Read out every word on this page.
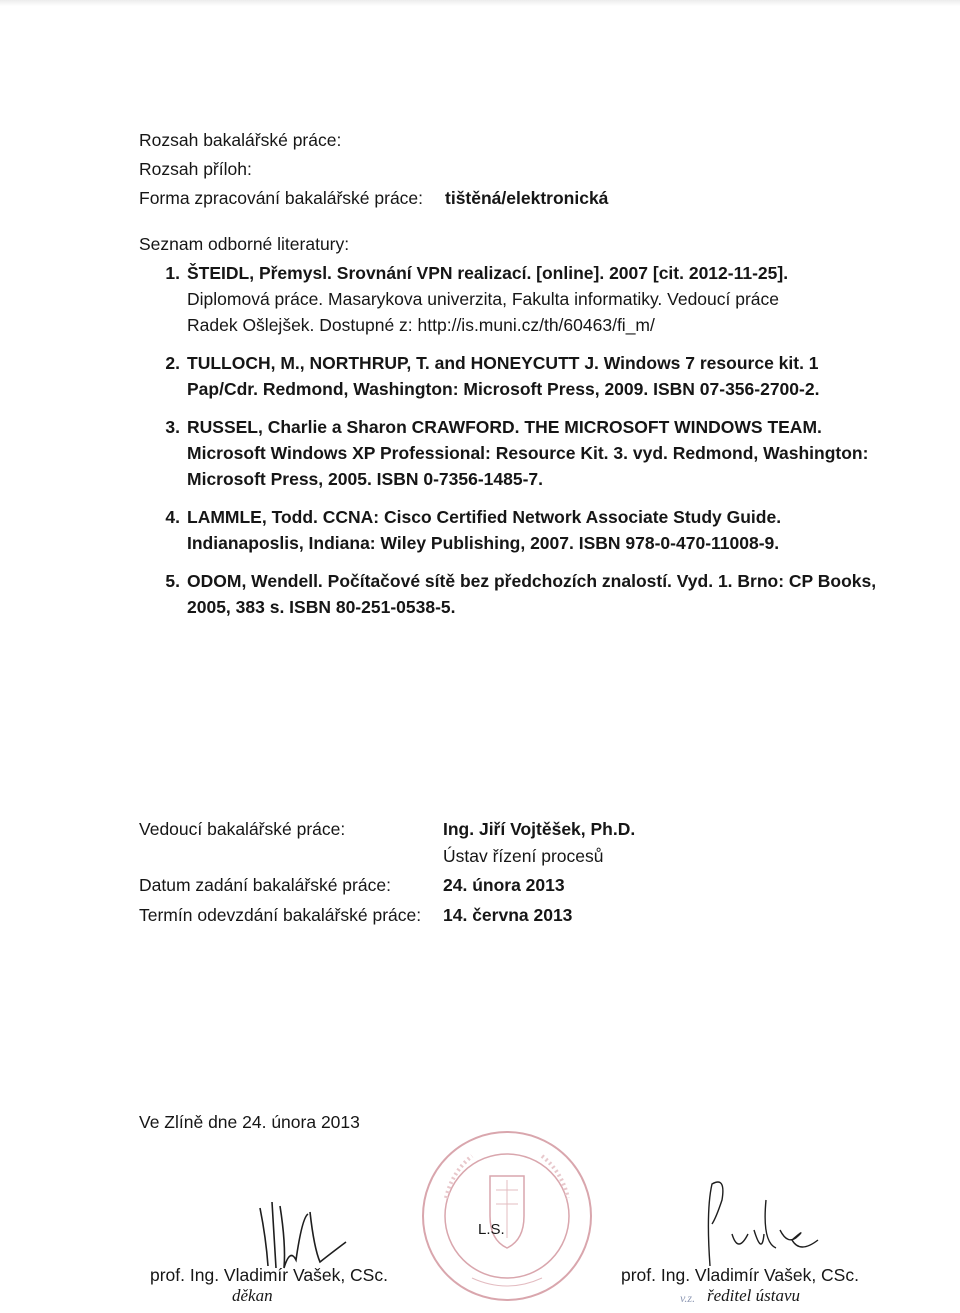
Rozsah bakalářské práce:
Rozsah příloh:
Forma zpracování bakalářské práce: tištěná/elektronická
Seznam odborné literatury:
1. ŠTEIDL, Přemysl. Srovnání VPN realizací. [online]. 2007 [cit. 2012-11-25].
Diplomová práce. Masarykova univerzita, Fakulta informatiky. Vedoucí práce
Radek Ošlejšek. Dostupné z: http://is.muni.cz/th/60463/fi_m/
2. TULLOCH, M., NORTHRUP, T. and HONEYCUTT J. Windows 7 resource kit. 1
Pap/Cdr. Redmond, Washington: Microsoft Press, 2009. ISBN 07-356-2700-2.
3. RUSSEL, Charlie a Sharon CRAWFORD. THE MICROSOFT WINDOWS TEAM.
Microsoft Windows XP Professional: Resource Kit. 3. vyd. Redmond, Washington:
Microsoft Press, 2005. ISBN 0-7356-1485-7.
4. LAMMLE, Todd. CCNA: Cisco Certified Network Associate Study Guide.
Indianaposlis, Indiana: Wiley Publishing, 2007. ISBN 978-0-470-11008-9.
5. ODOM, Wendell. Počítačové sítě bez předchozích znalostí. Vyd. 1. Brno: CP Books,
2005, 383 s. ISBN 80-251-0538-5.
Vedoucí bakalářské práce:	Ing. Jiří Vojtěšek, Ph.D.
Ústav řízení procesů
Datum zadání bakalářské práce:	24. února 2013
Termín odevzdání bakalářské práce: 14. června 2013
Ve Zlíně dne 24. února 2013
L.S.
prof. Ing. Vladimír Vašek, CSc.
děkan
prof. Ing. Vladimír Vašek, CSc.
v.z. ředitel ústavu
